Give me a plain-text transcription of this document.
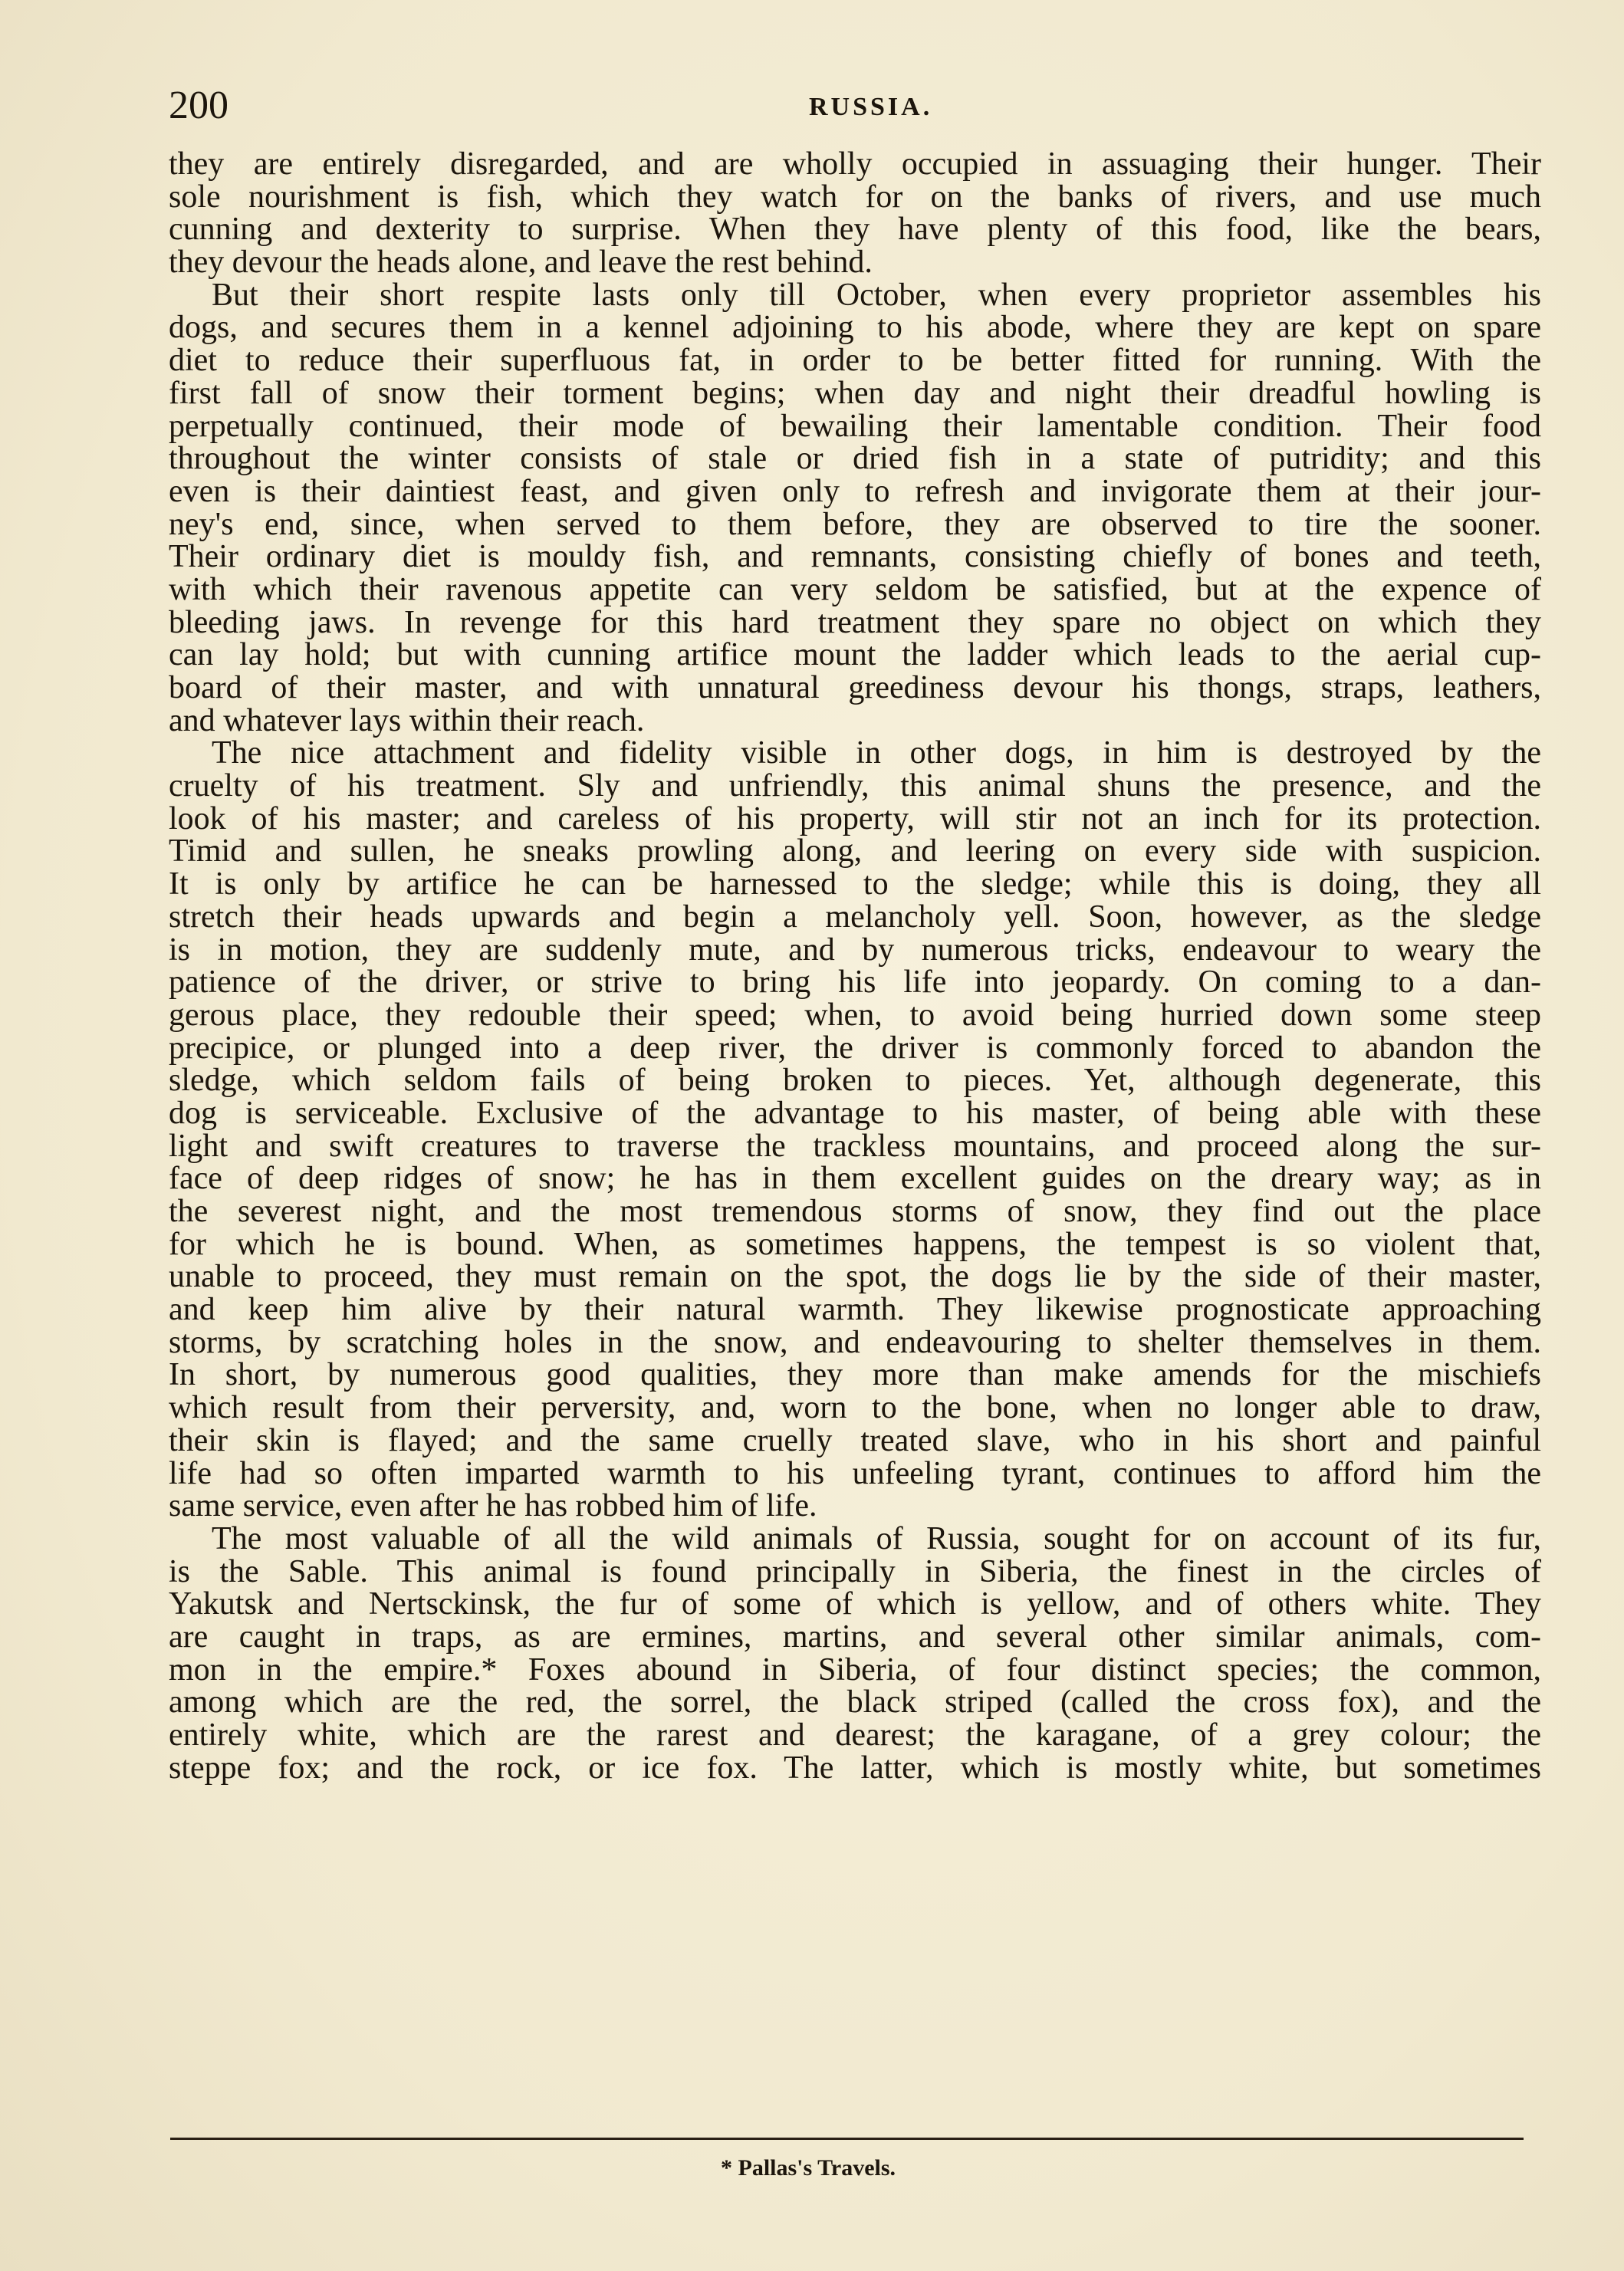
200	RUSSIA.
they are entirely disregarded, and are wholly occupied in assuaging their hunger. Their
sole nourishment is fish, which they watch for on the banks of rivers, and use much
cunning and dexterity to surprise. When they have plenty of this food, like the bears,
they devour the heads alone, and leave the rest behind.
But their short respite lasts only till October, when every proprietor assembles his
dogs, and secures them in a kennel adjoining to his abode, where they are kept on spare
diet to reduce their superfluous fat, in order to be better fitted for running. With the
first fall of snow their torment begins; when day and night their dreadful howling is
perpetually continued, their mode of bewailing their lamentable condition. Their food
throughout the winter consists of stale or dried fish in a state of putridity; and this
even is their daintiest feast, and given only to refresh and invigorate them at their jour-
ney's end, since, when served to them before, they are observed to tire the sooner.
Their ordinary diet is mouldy fish, and remnants, consisting chiefly of bones and teeth,
with which their ravenous appetite can very seldom be satisfied, but at the expence of
bleeding jaws. In revenge for this hard treatment they spare no object on which they
can lay hold; but with cunning artifice mount the ladder which leads to the aerial cup-
board of their master, and with unnatural greediness devour his thongs, straps, leathers,
and whatever lays within their reach.
The nice attachment and fidelity visible in other dogs, in him is destroyed by the
cruelty of his treatment. Sly and unfriendly, this animal shuns the presence, and the
look of his master; and careless of his property, will stir not an inch for its protection.
Timid and sullen, he sneaks prowling along, and leering on every side with suspicion.
It is only by artifice he can be harnessed to the sledge; while this is doing, they all
stretch their heads upwards and begin a melancholy yell. Soon, however, as the sledge
is in motion, they are suddenly mute, and by numerous tricks, endeavour to weary the
patience of the driver, or strive to bring his life into jeopardy. On coming to a dan-
gerous place, they redouble their speed; when, to avoid being hurried down some steep
precipice, or plunged into a deep river, the driver is commonly forced to abandon the
sledge, which seldom fails of being broken to pieces. Yet, although degenerate, this
dog is serviceable. Exclusive of the advantage to his master, of being able with these
light and swift creatures to traverse the trackless mountains, and proceed along the sur-
face of deep ridges of snow; he has in them excellent guides on the dreary way; as in
the severest night, and the most tremendous storms of snow, they find out the place
for which he is bound. When, as sometimes happens, the tempest is so violent that,
unable to proceed, they must remain on the spot, the dogs lie by the side of their master,
and keep him alive by their natural warmth. They likewise prognosticate approaching
storms, by scratching holes in the snow, and endeavouring to shelter themselves in them.
In short, by numerous good qualities, they more than make amends for the mischiefs
which result from their perversity, and, worn to the bone, when no longer able to draw,
their skin is flayed; and the same cruelly treated slave, who in his short and painful
life had so often imparted warmth to his unfeeling tyrant, continues to afford him the
same service, even after he has robbed him of life.
The most valuable of all the wild animals of Russia, sought for on account of its fur,
is the Sable. This animal is found principally in Siberia, the finest in the circles of
Yakutsk and Nertsckinsk, the fur of some of which is yellow, and of others white. They
are caught in traps, as are ermines, martins, and several other similar animals, com-
mon in the empire.* Foxes abound in Siberia, of four distinct species; the common,
among which are the red, the sorrel, the black striped (called the cross fox), and the
entirely white, which are the rarest and dearest; the karagane, of a grey colour; the
steppe fox; and the rock, or ice fox. The latter, which is mostly white, but sometimes
* Pallas's Travels.
